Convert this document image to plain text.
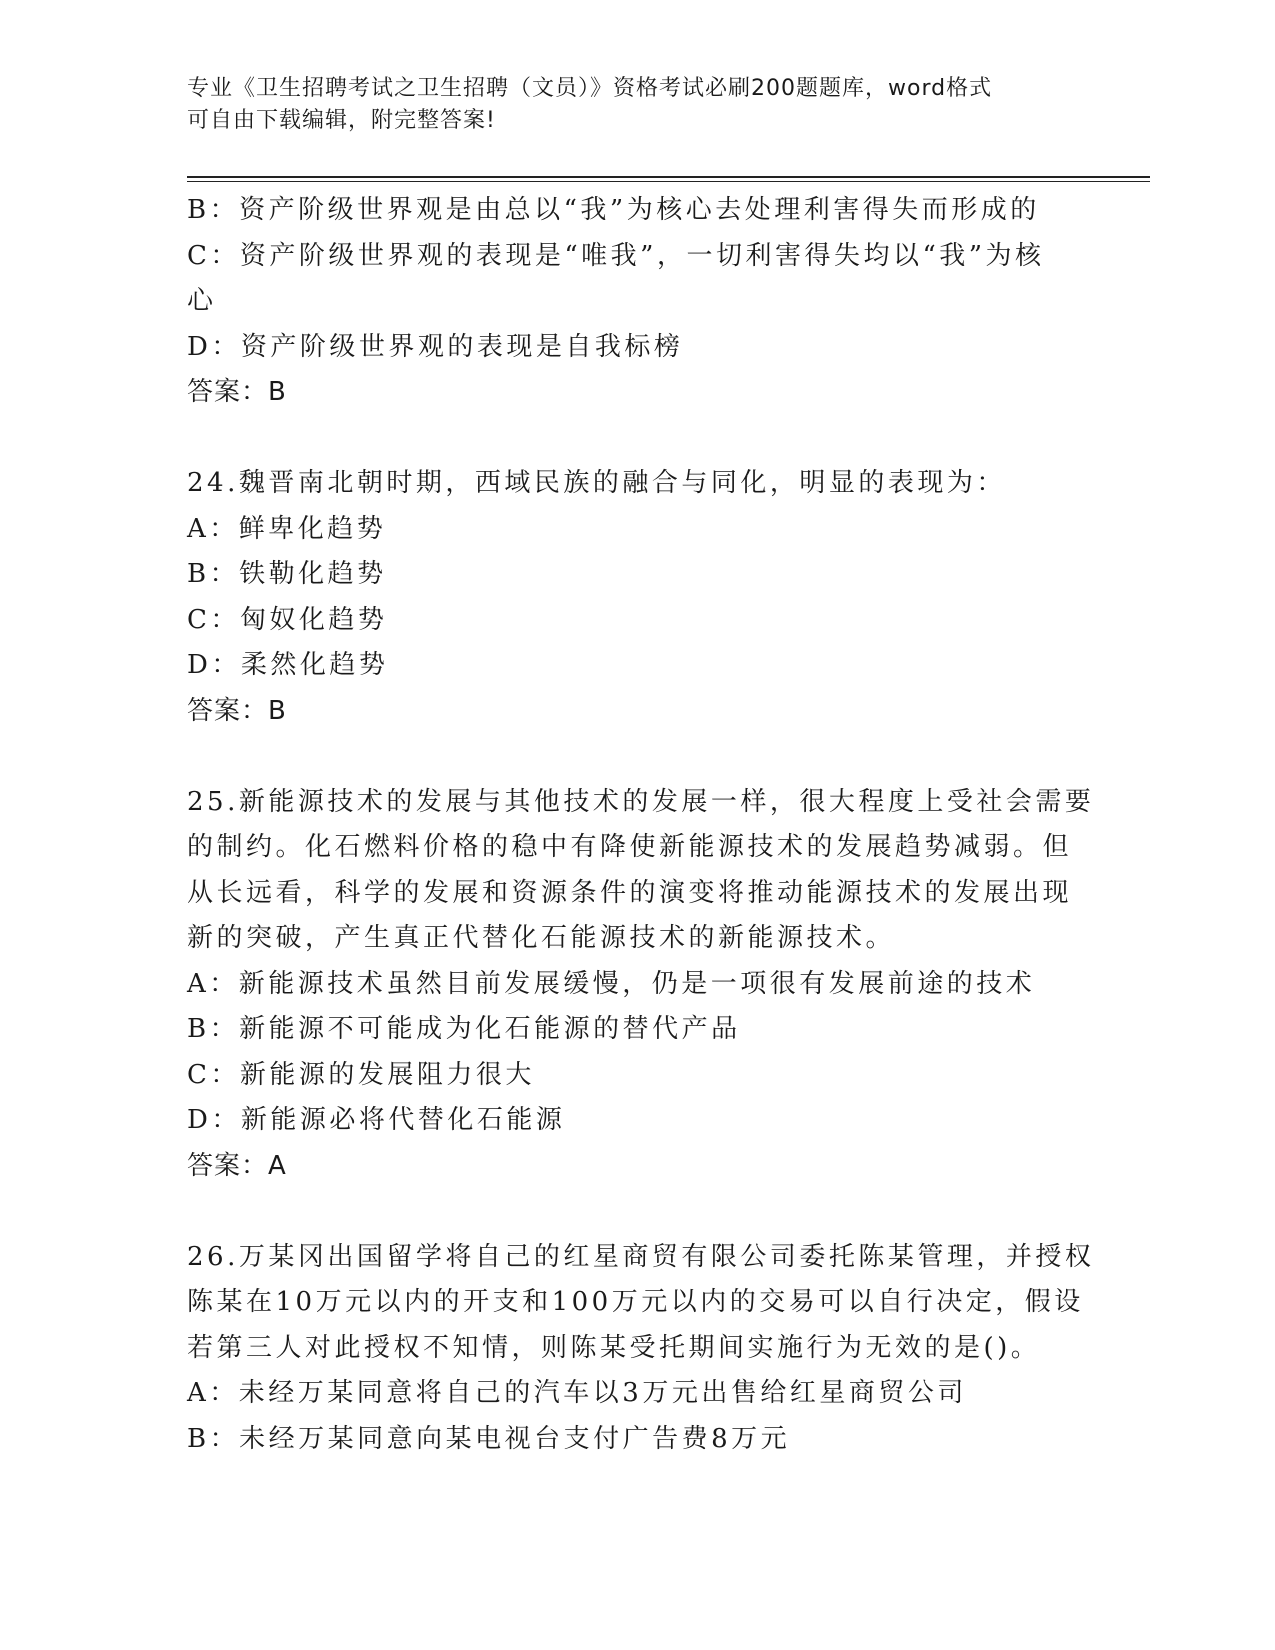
专业《卫生招聘考试之卫生招聘（文员）》资格考试必刷200题题库，word格式
可自由下载编辑，附完整答案!
B：资产阶级世界观是由总以“我”为核心去处理利害得失而形成的
C：资产阶级世界观的表现是“唯我”，一切利害得失均以“我”为核
心
D：资产阶级世界观的表现是自我标榜
答案：B
24.魏晋南北朝时期，西域民族的融合与同化，明显的表现为：
A：鲜卑化趋势
B：铁勒化趋势
C：匈奴化趋势
D：柔然化趋势
答案：B
25.新能源技术的发展与其他技术的发展一样，很大程度上受社会需要
的制约。化石燃料价格的稳中有降使新能源技术的发展趋势减弱。但
从长远看，科学的发展和资源条件的演变将推动能源技术的发展出现
新的突破，产生真正代替化石能源技术的新能源技术。
A：新能源技术虽然目前发展缓慢，仍是一项很有发展前途的技术
B：新能源不可能成为化石能源的替代产品
C：新能源的发展阻力很大
D：新能源必将代替化石能源
答案：A
26.万某冈出国留学将自己的红星商贸有限公司委托陈某管理，并授权
陈某在10万元以内的开支和100万元以内的交易可以自行决定，假设
若第三人对此授权不知情，则陈某受托期间实施行为无效的是()。
A：未经万某同意将自己的汽车以3万元出售给红星商贸公司
B：未经万某同意向某电视台支付广告费8万元
